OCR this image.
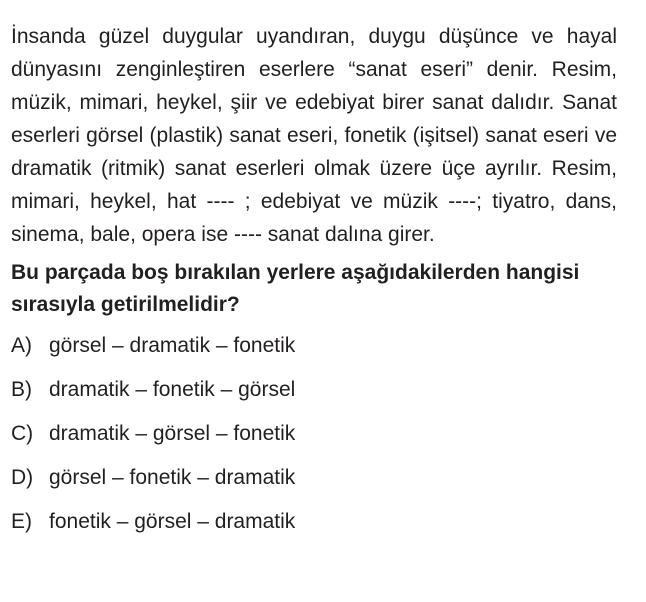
İnsanda güzel duygular uyandıran, duygu düşünce ve hayal dünyasını zenginleştiren eserlere “sanat eseri” denir. Resim, müzik, mimari, heykel, şiir ve edebiyat birer sanat dalıdır. Sanat eserleri görsel (plastik) sanat eseri, fonetik (işitsel) sanat eseri ve dramatik (ritmik) sanat eserleri olmak üzere üçe ayrılır. Resim, mimari, heykel, hat ---- ; edebiyat ve müzik ----; tiyatro, dans, sinema, bale, opera ise ---- sanat dalına girer.

Bu parçada boş bırakılan yerlere aşağıdakilerden hangisi sırasıyla getirilmelidir?

A) görsel – dramatik – fonetik
B) dramatik – fonetik – görsel
C) dramatik – görsel – fonetik
D) görsel – fonetik – dramatik
E) fonetik – görsel – dramatik
